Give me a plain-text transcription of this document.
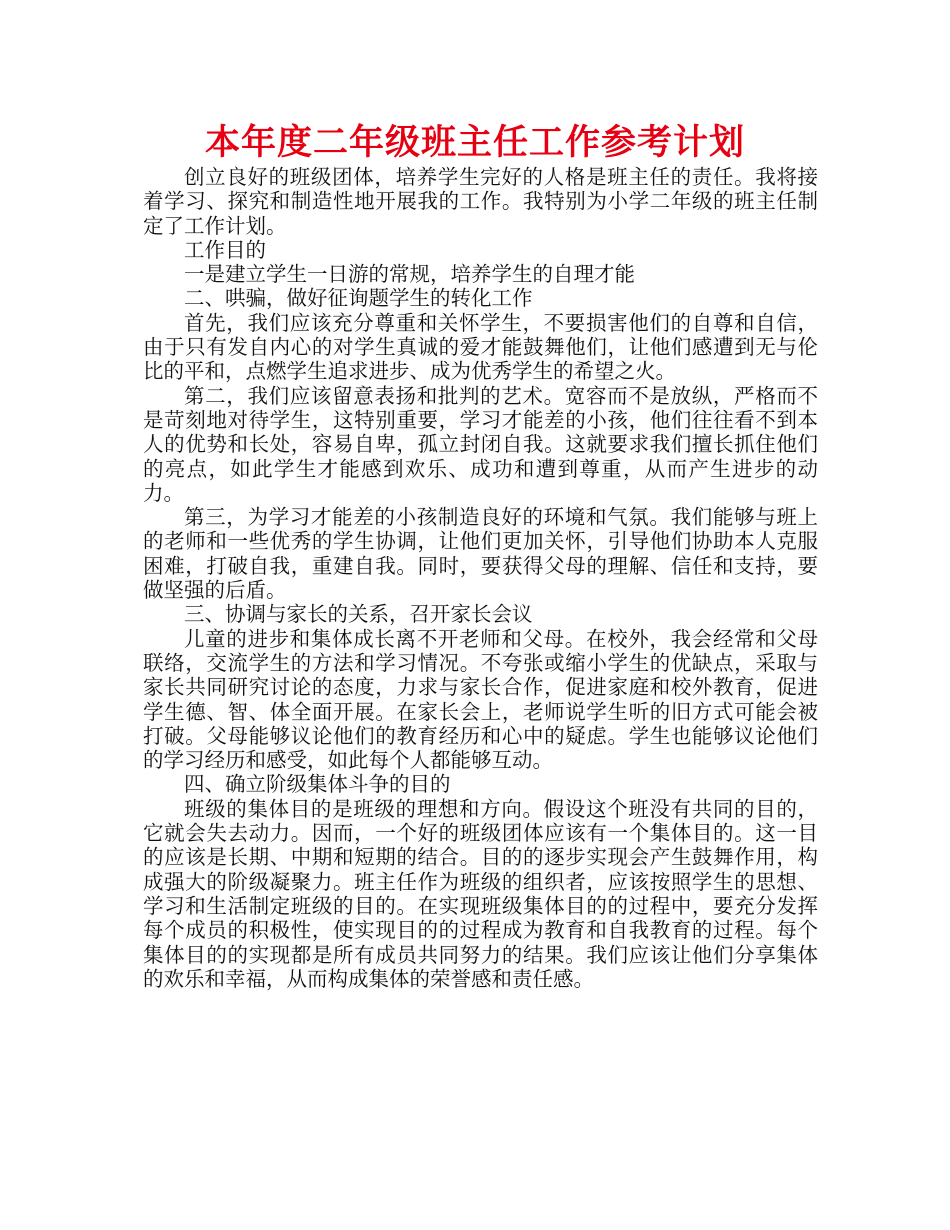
本年度二年级班主任工作参考计划

创立良好的班级团体，培养学生完好的人格是班主任的责任。我将接着学习、探究和制造性地开展我的工作。我特别为小学二年级的班主任制定了工作计划。

工作目的

一是建立学生一日游的常规，培养学生的自理才能

二、哄骗，做好征询题学生的转化工作

首先，我们应该充分尊重和关怀学生，不要损害他们的自尊和自信，由于只有发自内心的对学生真诚的爱才能鼓舞他们，让他们感遭到无与伦比的平和，点燃学生追求进步、成为优秀学生的希望之火。

第二，我们应该留意表扬和批判的艺术。宽容而不是放纵，严格而不是苛刻地对待学生，这特别重要，学习才能差的小孩，他们往往看不到本人的优势和长处，容易自卑，孤立封闭自我。这就要求我们擅长抓住他们的亮点，如此学生才能感到欢乐、成功和遭到尊重，从而产生进步的动力。

第三，为学习才能差的小孩制造良好的环境和气氛。我们能够与班上的老师和一些优秀的学生协调，让他们更加关怀，引导他们协助本人克服困难，打破自我，重建自我。同时，要获得父母的理解、信任和支持，要做坚强的后盾。

三、协调与家长的关系，召开家长会议

儿童的进步和集体成长离不开老师和父母。在校外，我会经常和父母联络，交流学生的方法和学习情况。不夸张或缩小学生的优缺点，采取与家长共同研究讨论的态度，力求与家长合作，促进家庭和校外教育，促进学生德、智、体全面开展。在家长会上，老师说学生听的旧方式可能会被打破。父母能够议论他们的教育经历和心中的疑虑。学生也能够议论他们的学习经历和感受，如此每个人都能够互动。

四、确立阶级集体斗争的目的

班级的集体目的是班级的理想和方向。假设这个班没有共同的目的，它就会失去动力。因而，一个好的班级团体应该有一个集体目的。这一目的应该是长期、中期和短期的结合。目的的逐步实现会产生鼓舞作用，构成强大的阶级凝聚力。班主任作为班级的组织者，应该按照学生的思想、学习和生活制定班级的目的。在实现班级集体目的的过程中，要充分发挥每个成员的积极性，使实现目的的过程成为教育和自我教育的过程。每个集体目的的实现都是所有成员共同努力的结果。我们应该让他们分享集体的欢乐和幸福，从而构成集体的荣誉感和责任感。
